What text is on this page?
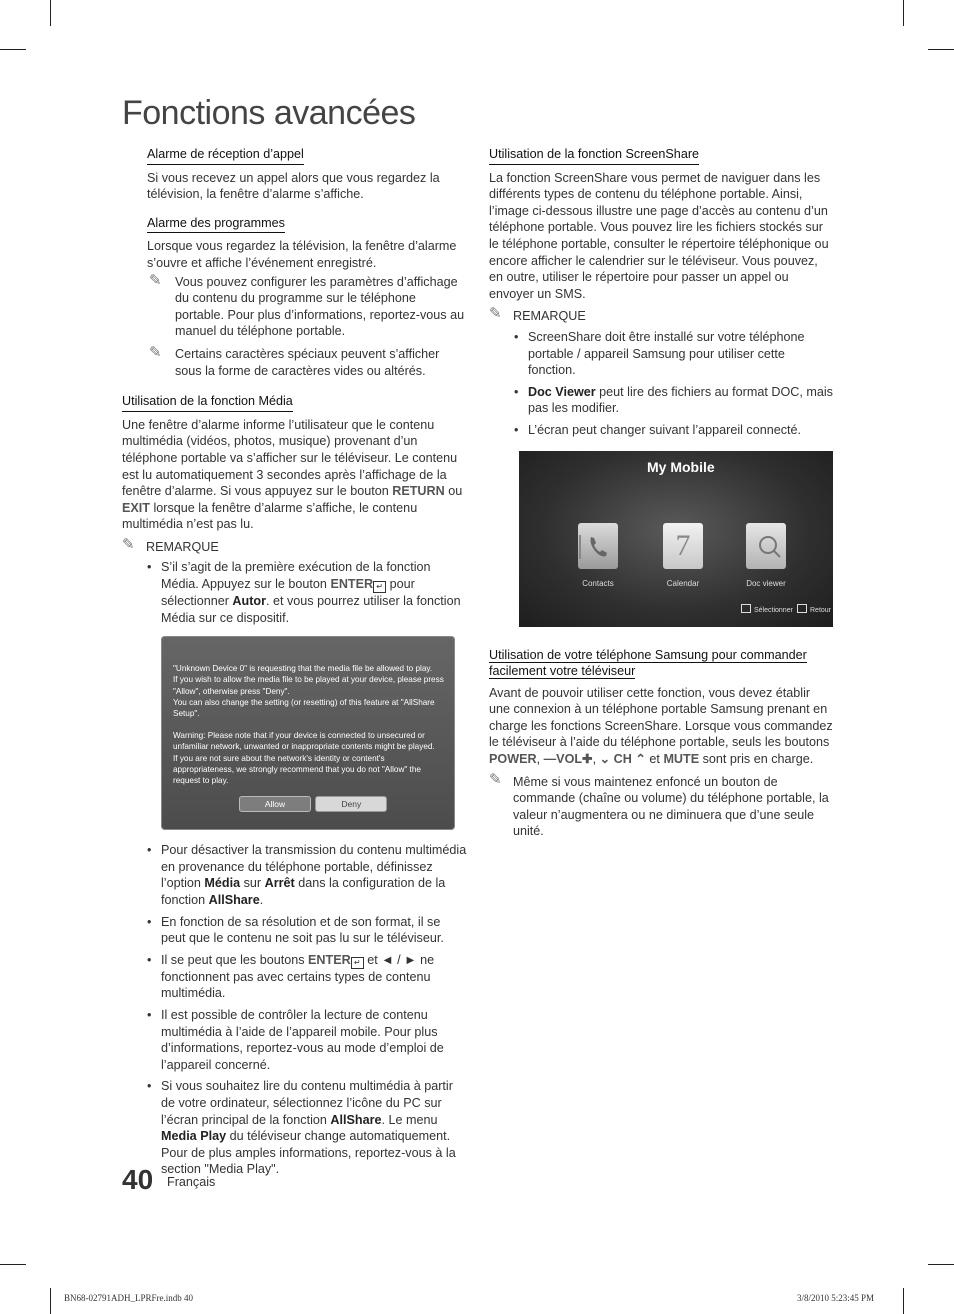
Fonctions avancées
Alarme de réception d’appel

Si vous recevez un appel alors que vous regardez la télévision, la fenêtre d’alarme s’affiche.

Alarme des programmes

Lorsque vous regardez la télévision, la fenêtre d’alarme s’ouvre et affiche l’événement enregistré.

✎ Vous pouvez configurer les paramètres d’affichage du contenu du programme sur le téléphone portable. Pour plus d’informations, reportez-vous au manuel du téléphone portable.
✎ Certains caractères spéciaux peuvent s’afficher sous la forme de caractères vides ou altérés.
Utilisation de la fonction Média

Une fenêtre d’alarme informe l’utilisateur que le contenu multimédia (vidéos, photos, musique) provenant d’un téléphone portable va s’afficher sur le téléviseur. Le contenu est lu automatiquement 3 secondes après l’affichage de la fenêtre d’alarme. Si vous appuyez sur le bouton RETURN ou EXIT lorsque la fenêtre d’alarme s’affiche, le contenu multimédia n’est pas lu.

✎ REMARQUE
• S’il s’agit de la première exécution de la fonction Média. Appuyez sur le bouton ENTER ↵ pour sélectionner Autor. et vous pourrez utiliser la fonction Média sur ce dispositif.
"Unknown Device 0" is requesting that the media file be allowed to play.
If you wish to allow the media file to be played at your device, please press "Allow", otherwise press "Deny".
You can also change the setting (or resetting) of this feature at "AllShare Setup".
Warning: Please note that if your device is connected to unsecured or unfamiliar network, unwanted or inappropriate contents might be played.
If you are not sure about the network's identity or content's appropriateness, we strongly recommend that you do not "Allow" the request to play.
Allow	Deny
• Pour désactiver la transmission du contenu multimédia en provenance du téléphone portable, définissez l’option Média sur Arrêt dans la configuration de la fonction AllShare.
• En fonction de sa résolution et de son format, il se peut que le contenu ne soit pas lu sur le téléviseur.
• Il se peut que les boutons ENTER ↵ et ◄ / ► ne fonctionnent pas avec certains types de contenu multimédia.
• Il est possible de contrôler la lecture de contenu multimédia à l’aide de l’appareil mobile. Pour plus d’informations, reportez-vous au mode d’emploi de l’appareil concerné.
• Si vous souhaitez lire du contenu multimédia à partir de votre ordinateur, sélectionnez l’icône du PC sur l’écran principal de la fonction AllShare. Le menu Media Play du téléviseur change automatiquement. Pour de plus amples informations, reportez-vous à la section "Media Play".
Utilisation de la fonction ScreenShare

La fonction ScreenShare vous permet de naviguer dans les différents types de contenu du téléphone portable. Ainsi, l’image ci-dessous illustre une page d’accès au contenu d’un téléphone portable. Vous pouvez lire les fichiers stockés sur le téléphone portable, consulter le répertoire téléphonique ou encore afficher le calendrier sur le téléviseur. Vous pouvez, en outre, utiliser le répertoire pour passer un appel ou envoyer un SMS.

✎ REMARQUE
• ScreenShare doit être installé sur votre téléphone portable / appareil Samsung pour utiliser cette fonction.
• Doc Viewer peut lire des fichiers au format DOC, mais pas les modifier.
• L’écran peut changer suivant l’appareil connecté.
My Mobile
Contacts
7
Calendar	Doc viewer
Sélectionner	Retour
Utilisation de votre téléphone Samsung pour commander facilement votre téléviseur

Avant de pouvoir utiliser cette fonction, vous devez établir une connexion à un téléphone portable Samsung prenant en charge les fonctions ScreenShare. Lorsque vous commandez le téléviseur à l’aide du téléphone portable, seuls les boutons POWER, —VOL✚, ⌄ CH ⌃ et MUTE sont pris en charge.

✎ Même si vous maintenez enfoncé un bouton de commande (chaîne ou volume) du téléphone portable, la valeur n’augmentera ou ne diminuera que d’une seule unité.
40 Français
BN68-02791ADH_LPRFre.indb 40	3/8/2010 5:23:45 PM
